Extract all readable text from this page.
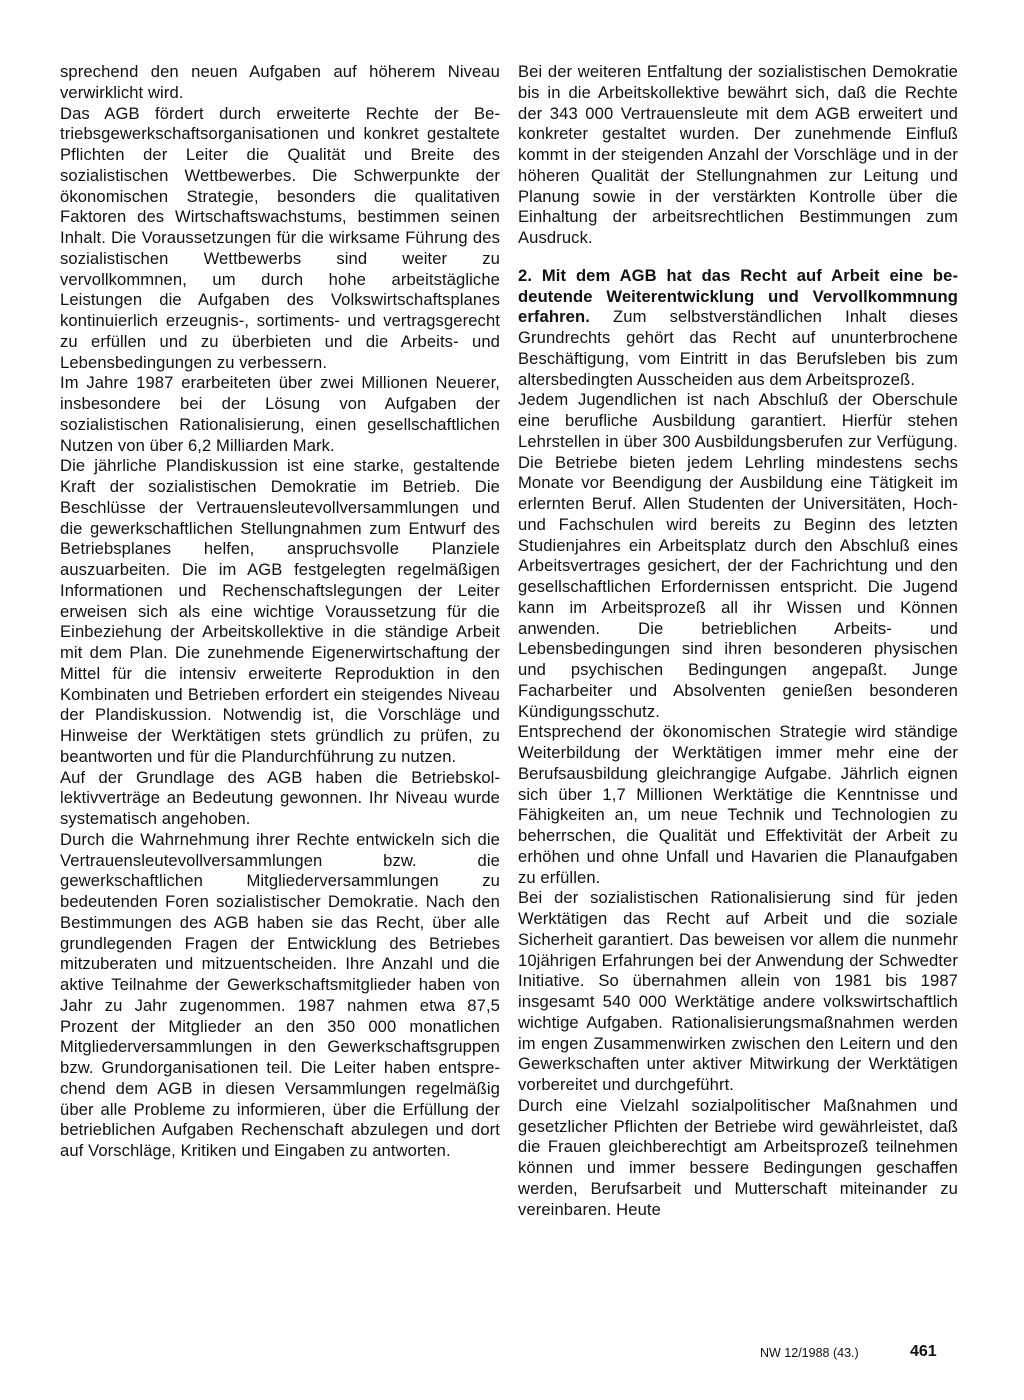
sprechend den neuen Aufgaben auf höherem Niveau verwirklicht wird.

Das AGB fördert durch erweiterte Rechte der Betriebsgewerkschaftsorganisationen und konkret gestaltete Pflichten der Leiter die Qualität und Breite des sozialistischen Wettbewerbes. Die Schwerpunkte der ökonomischen Strategie, besonders die qualitativen Faktoren des Wirtschaftswachstums, bestimmen seinen Inhalt. Die Voraussetzungen für die wirksame Führung des sozialistischen Wettbewerbs sind weiter zu vervollkommnen, um durch hohe arbeitstägliche Leistungen die Aufgaben des Volkswirtschaftsplanes kontinuierlich erzeugnis-, sortiments- und vertragsgerecht zu erfüllen und zu überbieten und die Arbeits- und Lebensbedingungen zu verbessern.

Im Jahre 1987 erarbeiteten über zwei Millionen Neuerer, insbesondere bei der Lösung von Aufgaben der sozialistischen Rationalisierung, einen gesellschaftlichen Nutzen von über 6,2 Milliarden Mark.

Die jährliche Plandiskussion ist eine starke, gestaltende Kraft der sozialistischen Demokratie im Betrieb. Die Beschlüsse der Vertrauensleutevollversammlungen und die gewerkschaftlichen Stellungnahmen zum Entwurf des Betriebsplanes helfen, anspruchsvolle Planziele auszuarbeiten. Die im AGB festgelegten regelmäßigen Informationen und Rechenschaftslegungen der Leiter erweisen sich als eine wichtige Voraussetzung für die Einbeziehung der Arbeitskollektive in die ständige Arbeit mit dem Plan. Die zunehmende Eigenerwirtschaftung der Mittel für die intensiv erweiterte Reproduktion in den Kombinaten und Betrieben erfordert ein steigendes Niveau der Plandiskussion. Notwendig ist, die Vorschläge und Hinweise der Werktätigen stets gründlich zu prüfen, zu beantworten und für die Plandurchführung zu nutzen.

Auf der Grundlage des AGB haben die Betriebskollektivverträge an Bedeutung gewonnen. Ihr Niveau wurde systematisch angehoben.

Durch die Wahrnehmung ihrer Rechte entwickeln sich die Vertrauensleutevollversammlungen bzw. die gewerkschaftlichen Mitgliederversammlungen zu bedeutenden Foren sozialistischer Demokratie. Nach den Bestimmungen des AGB haben sie das Recht, über alle grundlegenden Fragen der Entwicklung des Betriebes mitzuberaten und mitzuentscheiden. Ihre Anzahl und die aktive Teilnahme der Gewerkschaftsmitglieder haben von Jahr zu Jahr zugenommen. 1987 nahmen etwa 87,5 Prozent der Mitglieder an den 350 000 monatlichen Mitgliederversammlungen in den Gewerkschaftsgruppen bzw. Grundorganisationen teil. Die Leiter haben entsprechend dem AGB in diesen Versammlungen regelmäßig über alle Probleme zu informieren, über die Erfüllung der betrieblichen Aufgaben Rechenschaft abzulegen und dort auf Vorschläge, Kritiken und Eingaben zu antworten.

Bei der weiteren Entfaltung der sozialistischen Demokratie bis in die Arbeitskollektive bewährt sich, daß die Rechte der 343 000 Vertrauensleute mit dem AGB erweitert und konkreter gestaltet wurden. Der zunehmende Einfluß kommt in der steigenden Anzahl der Vorschläge und in der höheren Qualität der Stellungnahmen zur Leitung und Planung sowie in der verstärkten Kontrolle über die Einhaltung der arbeitsrechtlichen Bestimmungen zum Ausdruck.

2. Mit dem AGB hat das Recht auf Arbeit eine bedeutende Weiterentwicklung und Vervollkommnung erfahren. Zum selbstverständlichen Inhalt dieses Grundrechts gehört das Recht auf ununterbrochene Beschäftigung, vom Eintritt in das Berufsleben bis zum altersbedingten Ausscheiden aus dem Arbeitsprozeß.

Jedem Jugendlichen ist nach Abschluß der Oberschule eine berufliche Ausbildung garantiert. Hierfür stehen Lehrstellen in über 300 Ausbildungsberufen zur Verfügung. Die Betriebe bieten jedem Lehrling mindestens sechs Monate vor Beendigung der Ausbildung eine Tätigkeit im erlernten Beruf. Allen Studenten der Universitäten, Hoch- und Fachschulen wird bereits zu Beginn des letzten Studienjahres ein Arbeitsplatz durch den Abschluß eines Arbeitsvertrages gesichert, der der Fachrichtung und den gesellschaftlichen Erfordernissen entspricht. Die Jugend kann im Arbeitsprozeß all ihr Wissen und Können anwenden. Die betrieblichen Arbeits- und Lebensbedingungen sind ihren besonderen physischen und psychischen Bedingungen angepaßt. Junge Facharbeiter und Absolventen genießen besonderen Kündigungsschutz.

Entsprechend der ökonomischen Strategie wird ständige Weiterbildung der Werktätigen immer mehr eine der Berufsausbildung gleichrangige Aufgabe. Jährlich eignen sich über 1,7 Millionen Werktätige die Kenntnisse und Fähigkeiten an, um neue Technik und Technologien zu beherrschen, die Qualität und Effektivität der Arbeit zu erhöhen und ohne Unfall und Havarien die Planaufgaben zu erfüllen.

Bei der sozialistischen Rationalisierung sind für jeden Werktätigen das Recht auf Arbeit und die soziale Sicherheit garantiert. Das beweisen vor allem die nunmehr 10jährigen Erfahrungen bei der Anwendung der Schwedter Initiative. So übernahmen allein von 1981 bis 1987 insgesamt 540 000 Werktätige andere volkswirtschaftlich wichtige Aufgaben. Rationalisierungsmaßnahmen werden im engen Zusammenwirken zwischen den Leitern und den Gewerkschaften unter aktiver Mitwirkung der Werktätigen vorbereitet und durchgeführt.

Durch eine Vielzahl sozialpolitischer Maßnahmen und gesetzlicher Pflichten der Betriebe wird gewährleistet, daß die Frauen gleichberechtigt am Arbeitsprozeß teilnehmen können und immer bessere Bedingungen geschaffen werden, Berufsarbeit und Mutterschaft miteinander zu vereinbaren. Heute

NW 12/1988 (43.)	461
